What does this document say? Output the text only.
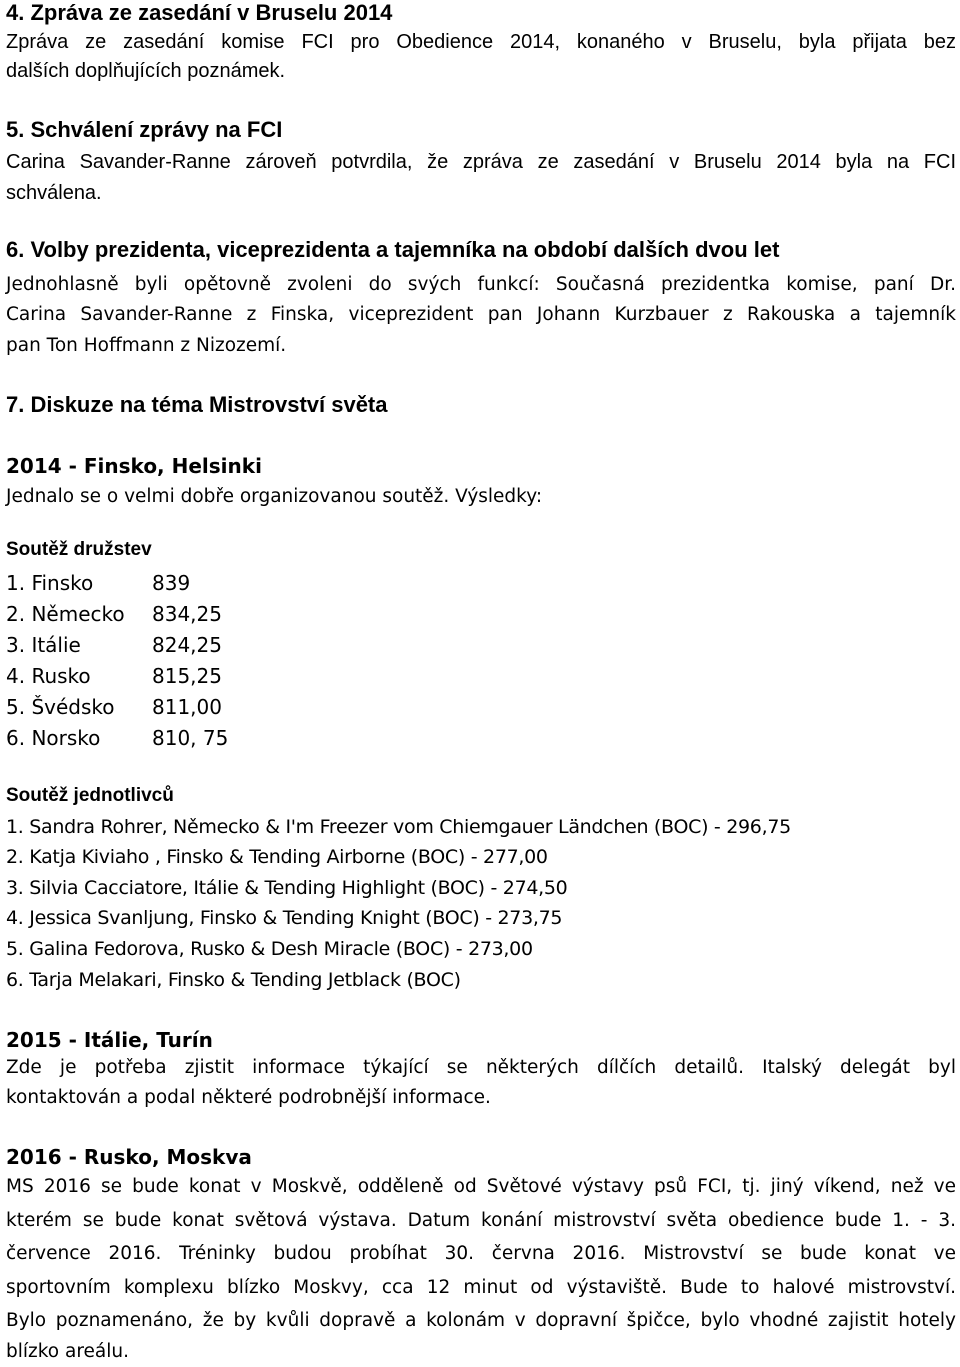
4. Zpráva ze zasedání v Bruselu 2014
Zpráva ze zasedání komise FCI pro Obedience 2014, konaného v Bruselu, byla přijata bez
dalších doplňujících poznámek.
5. Schválení zprávy na FCI
Carina Savander-Ranne zároveň potvrdila, že zpráva ze zasedání v Bruselu 2014 byla na FCI
schválena.
6. Volby prezidenta, viceprezidenta a tajemníka na období dalších dvou let
Jednohlasně byli opětovně zvoleni do svých funkcí: Současná prezidentka komise, paní Dr.
Carina Savander-Ranne z Finska, viceprezident pan Johann Kurzbauer z Rakouska a tajemník
pan Ton Hoffmann z Nizozemí.
7. Diskuze na téma Mistrovství světa
2014 - Finsko, Helsinki
Jednalo se o velmi dobře organizovanou soutěž. Výsledky:
Soutěž družstev
1. Finsko	839
2. Německo 834,25
3. Itálie	824,25
4. Rusko	815,25
5. Švédsko 811,00
6. Norsko	810, 75
Soutěž jednotlivců
1. Sandra Rohrer, Německo & I'm Freezer vom Chiemgauer Ländchen (BOC) - 296,75
2. Katja Kiviaho , Finsko & Tending Airborne (BOC) - 277,00
3. Silvia Cacciatore, Itálie & Tending Highlight (BOC) - 274,50
4. Jessica Svanljung, Finsko & Tending Knight (BOC) - 273,75
5. Galina Fedorova, Rusko & Desh Miracle (BOC) - 273,00
6. Tarja Melakari, Finsko & Tending Jetblack (BOC)
2015 - Itálie, Turín
Zde je potřeba zjistit informace týkající se některých dílčích detailů. Italský delegát byl
kontaktován a podal některé podrobnější informace.
2016 - Rusko, Moskva
MS 2016 se bude konat v Moskvě, odděleně od Světové výstavy psů FCI, tj. jiný víkend, než ve
kterém se bude konat světová výstava. Datum konání mistrovství světa obedience bude 1. - 3.
července 2016. Tréninky budou probíhat 30. června 2016. Mistrovství se bude konat ve
sportovním komplexu blízko Moskvy, cca 12 minut od výstaviště. Bude to halové mistrovství.
Bylo poznamenáno, že by kvůli dopravě a kolonám v dopravní špičce, bylo vhodné zajistit hotely
blízko areálu.
